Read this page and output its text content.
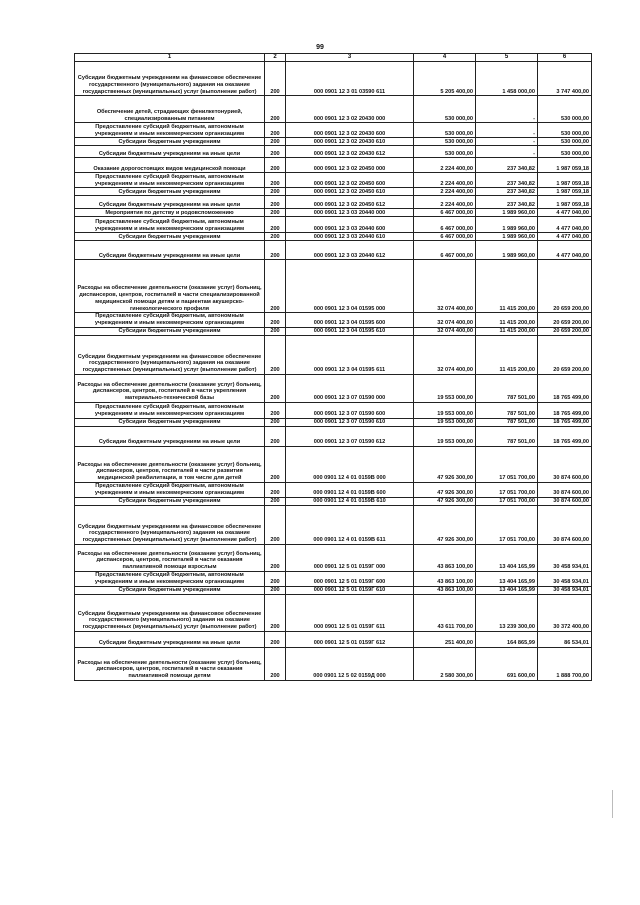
99
1	2	3	4	5	6
Субсидии бюджетным учреждениям на финансовое обеспечение государственного (муниципального) задания на оказание государственных (муниципальных) услуг (выполнение работ)	200	000 0901 12 3 01 03590 611	5 205 400,00	1 458 000,00	3 747 400,00
Обеспечение детей, страдающих фенилкетонурией, специализированным питанием	200	000 0901 12 3 02 20430 000	530 000,00	-	530 000,00
Предоставление субсидий бюджетным, автономным учреждениям и иным некоммерческим организациям	200	000 0901 12 3 02 20430 600	530 000,00	-	530 000,00
Субсидии бюджетным учреждениям	200	000 0901 12 3 02 20430 610	530 000,00	-	530 000,00
Субсидии бюджетным учреждениям на иные цели	200	000 0901 12 3 02 20430 612	530 000,00	-	530 000,00
Оказание дорогостоящих видов медицинской помощи	200	000 0901 12 3 02 20450 000	2 224 400,00	237 340,82	1 987 059,18
Предоставление субсидий бюджетным, автономным учреждениям и иным некоммерческим организациям	200	000 0901 12 3 02 20450 600	2 224 400,00	237 340,82	1 987 059,18
Субсидии бюджетным учреждениям	200	000 0901 12 3 02 20450 610	2 224 400,00	237 340,82	1 987 059,18
Субсидии бюджетным учреждениям на иные цели	200	000 0901 12 3 02 20450 612	2 224 400,00	237 340,82	1 987 059,18
Мероприятия по детству и родовспоможению	200	000 0901 12 3 03 20440 000	6 467 000,00	1 989 960,00	4 477 040,00
Предоставление субсидий бюджетным, автономным учреждениям и иным некоммерческим организациям	200	000 0901 12 3 03 20440 600	6 467 000,00	1 989 960,00	4 477 040,00
Субсидии бюджетным учреждениям	200	000 0901 12 3 03 20440 610	6 467 000,00	1 989 960,00	4 477 040,00
Субсидии бюджетным учреждениям на иные цели	200	000 0901 12 3 03 20440 612	6 467 000,00	1 989 960,00	4 477 040,00
Расходы на обеспечение деятельности (оказание услуг) больниц, диспансеров, центров, госпиталей в части специализированной медицинской помощи детям и пациентам акушерско-гинекологического профиля	200	000 0901 12 3 04 01595 000	32 074 400,00	11 415 200,00	20 659 200,00
Предоставление субсидий бюджетным, автономным учреждениям и иным некоммерческим организациям	200	000 0901 12 3 04 01595 600	32 074 400,00	11 415 200,00	20 659 200,00
Субсидии бюджетным учреждениям	200	000 0901 12 3 04 01595 610	32 074 400,00	11 415 200,00	20 659 200,00
Субсидии бюджетным учреждениям на финансовое обеспечение государственного (муниципального) задания на оказание государственных (муниципальных) услуг (выполнение работ)	200	000 0901 12 3 04 01595 611	32 074 400,00	11 415 200,00	20 659 200,00
Расходы на обеспечение деятельности (оказание услуг) больниц, диспансеров, центров, госпиталей в части укрепления материально-технической базы	200	000 0901 12 3 07 01590 000	19 553 000,00	787 501,00	18 765 499,00
Предоставление субсидий бюджетным, автономным учреждениям и иным некоммерческим организациям	200	000 0901 12 3 07 01590 600	19 553 000,00	787 501,00	18 765 499,00
Субсидии бюджетным учреждениям	200	000 0901 12 3 07 01590 610	19 553 000,00	787 501,00	18 765 499,00
Субсидии бюджетным учреждениям на иные цели	200	000 0901 12 3 07 01590 612	19 553 000,00	787 501,00	18 765 499,00
Расходы на обеспечение деятельности (оказание услуг) больниц, диспансеров, центров, госпиталей в части развития медицинской реабилитации, в том числе для детей	200	000 0901 12 4 01 0159В 000	47 926 300,00	17 051 700,00	30 874 600,00
Предоставление субсидий бюджетным, автономным учреждениям и иным некоммерческим организациям	200	000 0901 12 4 01 0159В 600	47 926 300,00	17 051 700,00	30 874 600,00
Субсидии бюджетным учреждениям	200	000 0901 12 4 01 0159В 610	47 926 300,00	17 051 700,00	30 874 600,00
Субсидии бюджетным учреждениям на финансовое обеспечение государственного (муниципального) задания на оказание государственных (муниципальных) услуг (выполнение работ)	200	000 0901 12 4 01 0159В 611	47 926 300,00	17 051 700,00	30 874 600,00
Расходы на обеспечение деятельности (оказание услуг) больниц, диспансеров, центров, госпиталей в части оказания паллиативной помощи взрослым	200	000 0901 12 5 01 0159Г 000	43 863 100,00	13 404 165,99	30 458 934,01
Предоставление субсидий бюджетным, автономным учреждениям и иным некоммерческим организациям	200	000 0901 12 5 01 0159Г 600	43 863 100,00	13 404 165,99	30 458 934,01
Субсидии бюджетным учреждениям	200	000 0901 12 5 01 0159Г 610	43 863 100,00	13 404 165,99	30 458 934,01
Субсидии бюджетным учреждениям на финансовое обеспечение государственного (муниципального) задания на оказание государственных (муниципальных) услуг (выполнение работ)	200	000 0901 12 5 01 0159Г 611	43 611 700,00	13 239 300,00	30 372 400,00
Субсидии бюджетным учреждениям на иные цели	200	000 0901 12 5 01 0159Г 612	251 400,00	164 865,99	86 534,01
Расходы на обеспечение деятельности (оказание услуг) больниц, диспансеров, центров, госпиталей в части оказания паллиативной помощи детям	200	000 0901 12 5 02 0159Д 000	2 580 300,00	691 600,00	1 888 700,00
